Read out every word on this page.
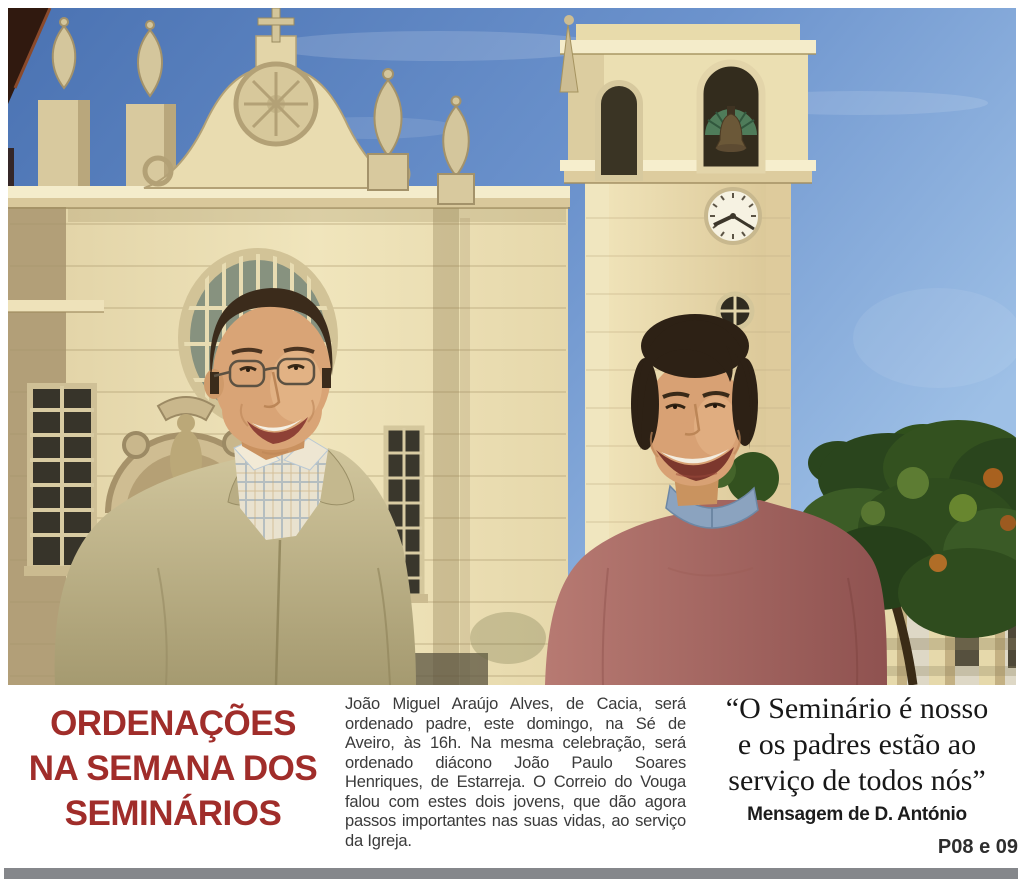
ORDENAÇÕES
NA SEMANA DOS
SEMINÁRIOS

João Miguel Araújo Alves, de Cacia, será ordenado padre, este domingo, na Sé de Aveiro, às 16h. Na mesma celebração, será ordenado diácono João Paulo Soares Henriques, de Estarreja. O Correio do Vouga falou com estes dois jovens, que dão agora passos importantes nas suas vidas, ao serviço da Igreja.

“O Seminário é nosso
e os padres estão ao
serviço de todos nós”
Mensagem de D. António
P08 e 09
